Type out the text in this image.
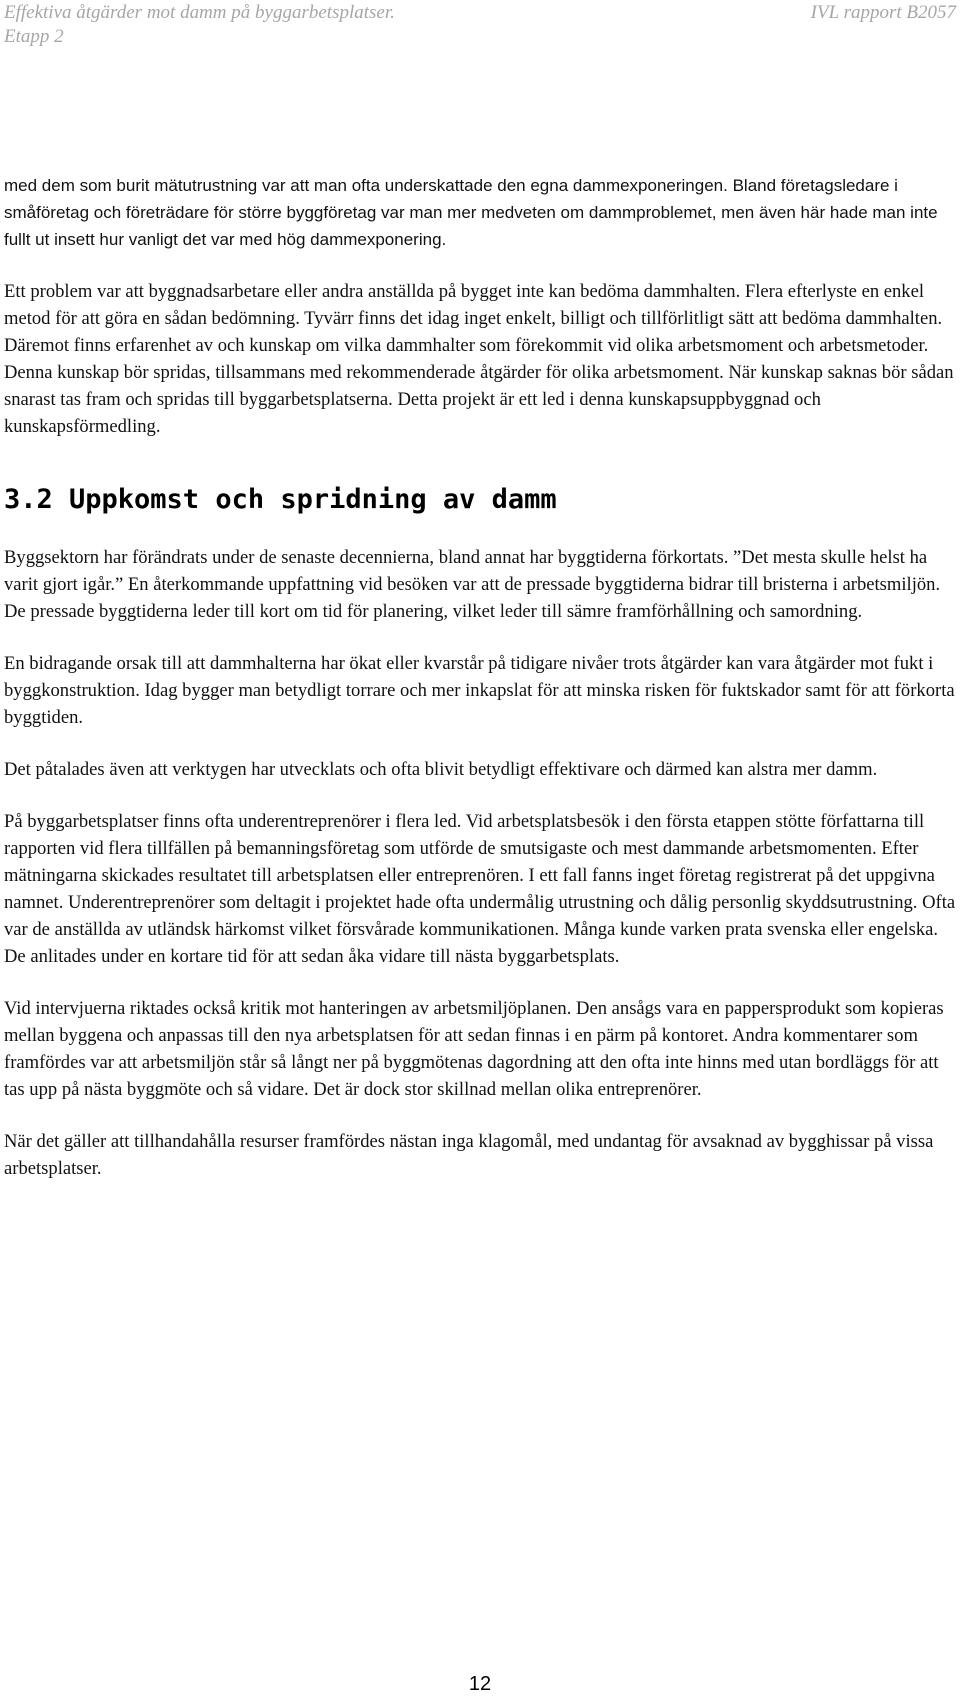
Effektiva åtgärder mot damm på byggarbetsplatser.
Etapp 2
IVL rapport B2057

med dem som burit mätutrustning var att man ofta underskattade den egna dammexponeringen. Bland företagsledare i småföretag och företrädare för större byggföretag var man mer medveten om dammproblemet, men även här hade man inte fullt ut insett hur vanligt det var med hög dammexponering.

Ett problem var att byggnadsarbetare eller andra anställda på bygget inte kan bedöma dammhalten. Flera efterlyste en enkel metod för att göra en sådan bedömning. Tyvärr finns det idag inget enkelt, billigt och tillförlitligt sätt att bedöma dammhalten. Däremot finns erfarenhet av och kunskap om vilka dammhalter som förekommit vid olika arbetsmoment och arbetsmetoder. Denna kunskap bör spridas, tillsammans med rekommenderade åtgärder för olika arbetsmoment. När kunskap saknas bör sådan snarast tas fram och spridas till byggarbetsplatserna. Detta projekt är ett led i denna kunskapsuppbyggnad och kunskapsförmedling.

3.2 Uppkomst och spridning av damm

Byggsektorn har förändrats under de senaste decennierna, bland annat har byggtiderna förkortats. ”Det mesta skulle helst ha varit gjort igår.” En återkommande uppfattning vid besöken var att de pressade byggtiderna bidrar till bristerna i arbetsmiljön. De pressade byggtiderna leder till kort om tid för planering, vilket leder till sämre framförhållning och samordning.

En bidragande orsak till att dammhalterna har ökat eller kvarstår på tidigare nivåer trots åtgärder kan vara åtgärder mot fukt i byggkonstruktion. Idag bygger man betydligt torrare och mer inkapslat för att minska risken för fuktskador samt för att förkorta byggtiden.

Det påtalades även att verktygen har utvecklats och ofta blivit betydligt effektivare och därmed kan alstra mer damm.

På byggarbetsplatser finns ofta underentreprenörer i flera led. Vid arbetsplatsbesök i den första etappen stötte författarna till rapporten vid flera tillfällen på bemanningsföretag som utförde de smutsigaste och mest dammande arbetsmomenten. Efter mätningarna skickades resultatet till arbetsplatsen eller entreprenören. I ett fall fanns inget företag registrerat på det uppgivna namnet. Underentreprenörer som deltagit i projektet hade ofta undermålig utrustning och dålig personlig skyddsutrustning. Ofta var de anställda av utländsk härkomst vilket försvårade kommunikationen. Många kunde varken prata svenska eller engelska. De anlitades under en kortare tid för att sedan åka vidare till nästa byggarbetsplats.

Vid intervjuerna riktades också kritik mot hanteringen av arbetsmiljöplanen. Den ansågs vara en pappersprodukt som kopieras mellan byggena och anpassas till den nya arbetsplatsen för att sedan finnas i en pärm på kontoret. Andra kommentarer som framfördes var att arbetsmiljön står så långt ner på byggmötenas dagordning att den ofta inte hinns med utan bordläggs för att tas upp på nästa byggmöte och så vidare. Det är dock stor skillnad mellan olika entreprenörer.

När det gäller att tillhandahålla resurser framfördes nästan inga klagomål, med undantag för avsaknad av bygghissar på vissa arbetsplatser.

12
